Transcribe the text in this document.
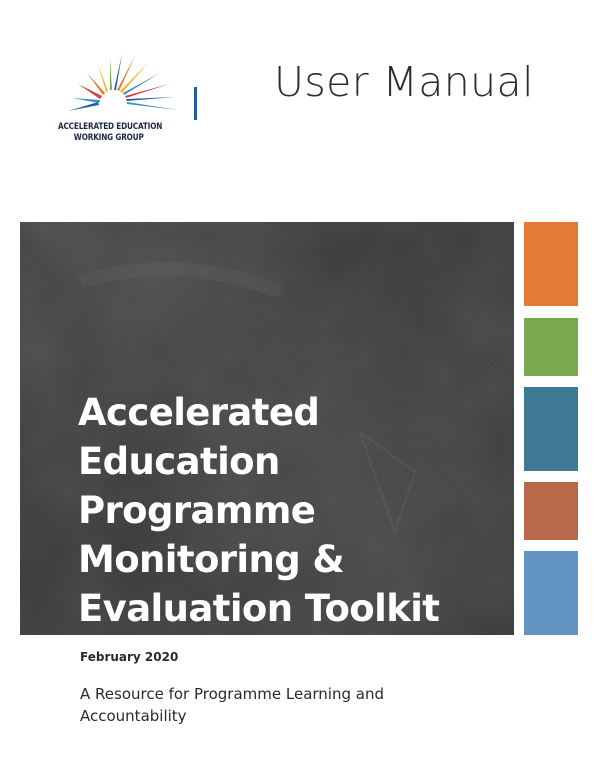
ACCELERATED EDUCATION
WORKING GROUP
User Manual
Accelerated
Education
Programme
Monitoring &
Evaluation Toolkit
February 2020
A Resource for Programme Learning and
Accountability
